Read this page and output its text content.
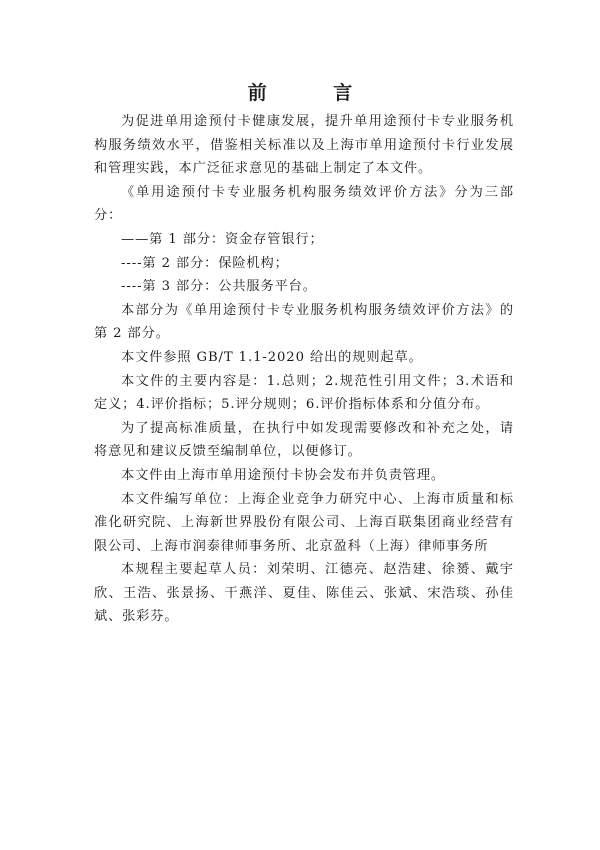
前 言

为促进单用途预付卡健康发展，提升单用途预付卡专业服务机构服务绩效水平，借鉴相关标准以及上海市单用途预付卡行业发展和管理实践，本广泛征求意见的基础上制定了本文件。

《单用途预付卡专业服务机构服务绩效评价方法》分为三部分：

——第 1 部分：资金存管银行；

----第 2 部分：保险机构；

----第 3 部分：公共服务平台。

本部分为《单用途预付卡专业服务机构服务绩效评价方法》的第 2 部分。

本文件参照 GB/T 1.1-2020 给出的规则起草。

本文件的主要内容是：1.总则；2.规范性引用文件；3.术语和定义；4.评价指标；5.评分规则；6.评价指标体系和分值分布。

为了提高标准质量，在执行中如发现需要修改和补充之处，请将意见和建议反馈至编制单位，以便修订。

本文件由上海市单用途预付卡协会发布并负责管理。

本文件编写单位：上海企业竞争力研究中心、上海市质量和标准化研究院、上海新世界股份有限公司、上海百联集团商业经营有限公司、上海市润泰律师事务所、北京盈科（上海）律师事务所

本规程主要起草人员：刘荣明、江德亮、赵浩建、徐赟、戴宇欣、王浩、张景扬、干燕洋、夏佳、陈佳云、张斌、宋浩琰、孙佳斌、张彩芬。
